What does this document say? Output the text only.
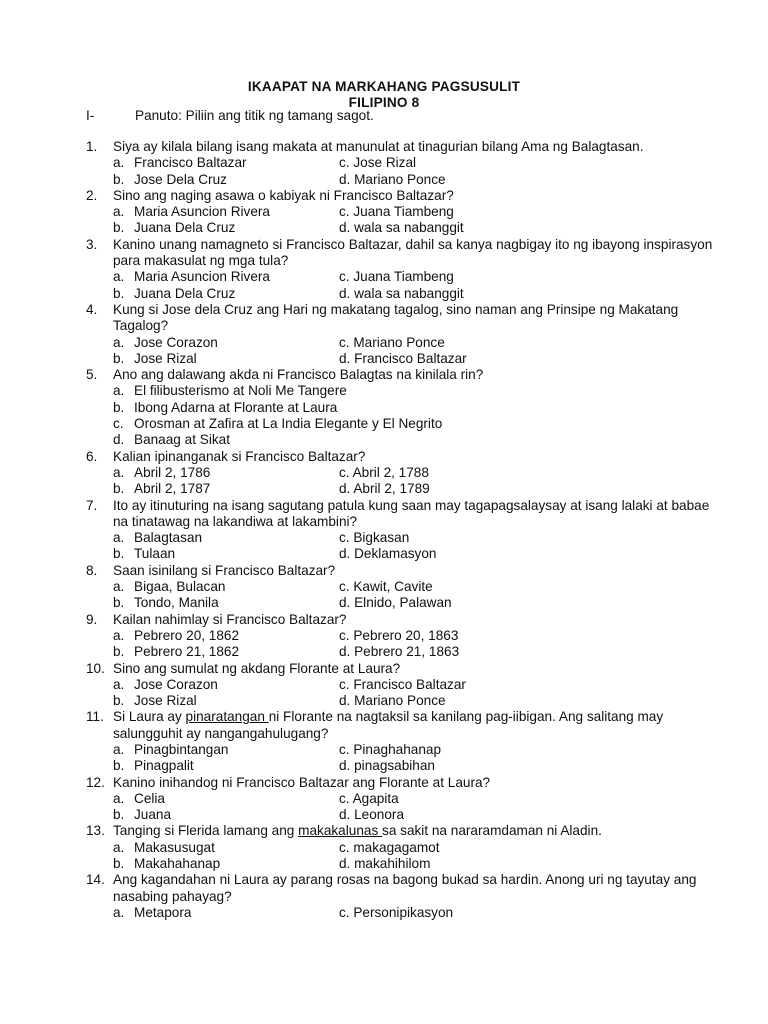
IKAAPAT NA MARKAHANG PAGSUSULIT
FILIPINO 8
I-	Panuto: Piliin ang titik ng tamang sagot.
1. Siya ay kilala bilang isang makata at manunulat at tinagurian bilang Ama ng Balagtasan.
a. Francisco Baltazar	c. Jose Rizal
b. Jose Dela Cruz	d. Mariano Ponce
2. Sino ang naging asawa o kabiyak ni Francisco Baltazar?
a. Maria Asuncion Rivera	c. Juana Tiambeng
b. Juana Dela Cruz	d. wala sa nabanggit
3. Kanino unang namagneto si Francisco Baltazar, dahil sa kanya nagbigay ito ng ibayong inspirasyon para makasulat ng mga tula?
a. Maria Asuncion Rivera	c. Juana Tiambeng
b. Juana Dela Cruz	d. wala sa nabanggit
4. Kung si Jose dela Cruz ang Hari ng makatang tagalog, sino naman ang Prinsipe ng Makatang Tagalog?
a. Jose Corazon	c. Mariano Ponce
b. Jose Rizal	d. Francisco Baltazar
5. Ano ang dalawang akda ni Francisco Balagtas na kinilala rin?
a. El filibusterismo at Noli Me Tangere
b. Ibong Adarna at Florante at Laura
c. Orosman at Zafira at La India Elegante y El Negrito
d. Banaag at Sikat
6. Kalian ipinanganak si Francisco Baltazar?
a. Abril 2, 1786	c. Abril 2, 1788
b. Abril 2, 1787	d. Abril 2, 1789
7. Ito ay itinuturing na isang sagutang patula kung saan may tagapagsalaysay at isang lalaki at babae na tinatawag na lakandiwa at lakambini?
a. Balagtasan	c. Bigkasan
b. Tulaan	d. Deklamasyon
8. Saan isinilang si Francisco Baltazar?
a. Bigaa, Bulacan	c. Kawit, Cavite
b. Tondo, Manila	d. Elnido, Palawan
9. Kailan nahimlay si Francisco Baltazar?
a. Pebrero 20, 1862	c. Pebrero 20, 1863
b. Pebrero 21, 1862	d. Pebrero 21, 1863
10. Sino ang sumulat ng akdang Florante at Laura?
a. Jose Corazon	c. Francisco Baltazar
b. Jose Rizal	d. Mariano Ponce
11. Si Laura ay pinaratangan ni Florante na nagtaksil sa kanilang pag-iibigan. Ang salitang may salungguhit ay nangangahulugang?
a. Pinagbintangan	c. Pinaghahanap
b. Pinagpalit	d. pinagsabihan
12. Kanino inihandog ni Francisco Baltazar ang Florante at Laura?
a. Celia	c. Agapita
b. Juana	d. Leonora
13. Tanging si Flerida lamang ang makakalunas sa sakit na nararamdaman ni Aladin.
a. Makasusugat	c. makagagamot
b. Makahahanap	d. makahihilom
14. Ang kagandahan ni Laura ay parang rosas na bagong bukad sa hardin. Anong uri ng tayutay ang nasabing pahayag?
a. Metapora	c. Personipikasyon
